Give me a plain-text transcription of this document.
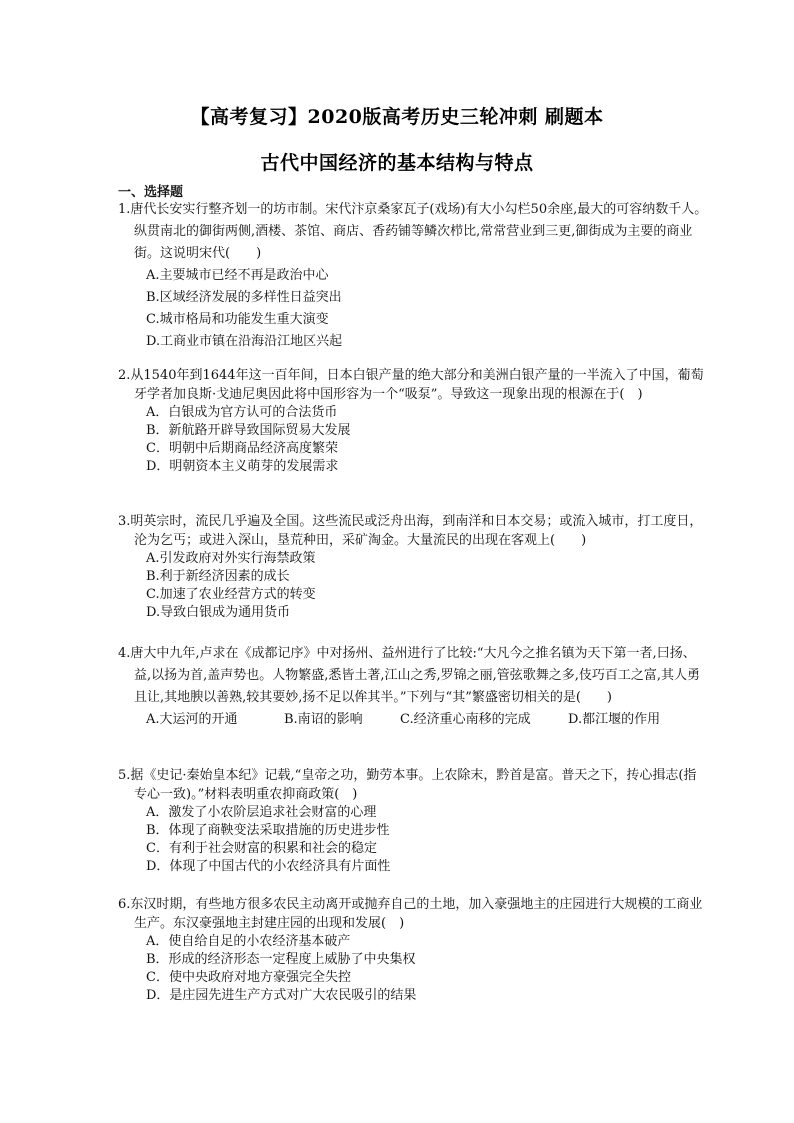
【高考复习】2020版高考历史三轮冲刺 刷题本
古代中国经济的基本结构与特点
一、选择题

1.唐代长安实行整齐划一的坊市制。宋代汴京桑家瓦子(戏场)有大小勾栏50余座,最大的可容纳数千人。纵贯南北的御街两侧,酒楼、茶馆、商店、香药铺等鳞次栉比,常常营业到三更,御街成为主要的商业街。这说明宋代(　　)

A.主要城市已经不再是政治中心
B.区域经济发展的多样性日益突出
C.城市格局和功能发生重大演变
D.工商业市镇在沿海沿江地区兴起

2.从1540年到1644年这一百年间，日本白银产量的绝大部分和美洲白银产量的一半流入了中国，葡萄牙学者加良斯·戈迪尼奥因此将中国形容为一个“吸泵”。导致这一现象出现的根源在于(　)

A．白银成为官方认可的合法货币
B．新航路开辟导致国际贸易大发展
C．明朝中后期商品经济高度繁荣
D．明朝资本主义萌芽的发展需求

3.明英宗时，流民几乎遍及全国。这些流民或泛舟出海，到南洋和日本交易；或流入城市，打工度日，沦为乞丐；或进入深山，垦荒种田，采矿淘金。大量流民的出现在客观上(　　)

A.引发政府对外实行海禁政策
B.利于新经济因素的成长
C.加速了农业经营方式的转变
D.导致白银成为通用货币

4.唐大中九年,卢求在《成都记序》中对扬州、益州进行了比较:“大凡今之推名镇为天下第一者,曰扬、益,以扬为首,盖声势也。人物繁盛,悉皆土著,江山之秀,罗锦之丽,管弦歌舞之多,伎巧百工之富,其人勇且让,其地腴以善熟,较其要妙,扬不足以侔其半。”下列与“其”繁盛密切相关的是(　　)

A.大运河的开通	B.南诏的影响	C.经济重心南移的完成	D.都江堰的作用

5.据《史记·秦始皇本纪》记载,“皇帝之功，勤劳本事。上农除末，黔首是富。普天之下，抟心揖志(指专心一致)。”材料表明重农抑商政策(　)

A．激发了小农阶层追求社会财富的心理
B．体现了商鞅变法采取措施的历史进步性
C．有利于社会财富的积累和社会的稳定
D．体现了中国古代的小农经济具有片面性

6.东汉时期，有些地方很多农民主动离开或抛弃自己的土地，加入豪强地主的庄园进行大规模的工商业生产。东汉豪强地主封建庄园的出现和发展(　)

A．使自给自足的小农经济基本破产
B．形成的经济形态一定程度上威胁了中央集权
C．使中央政府对地方豪强完全失控
D．是庄园先进生产方式对广大农民吸引的结果
